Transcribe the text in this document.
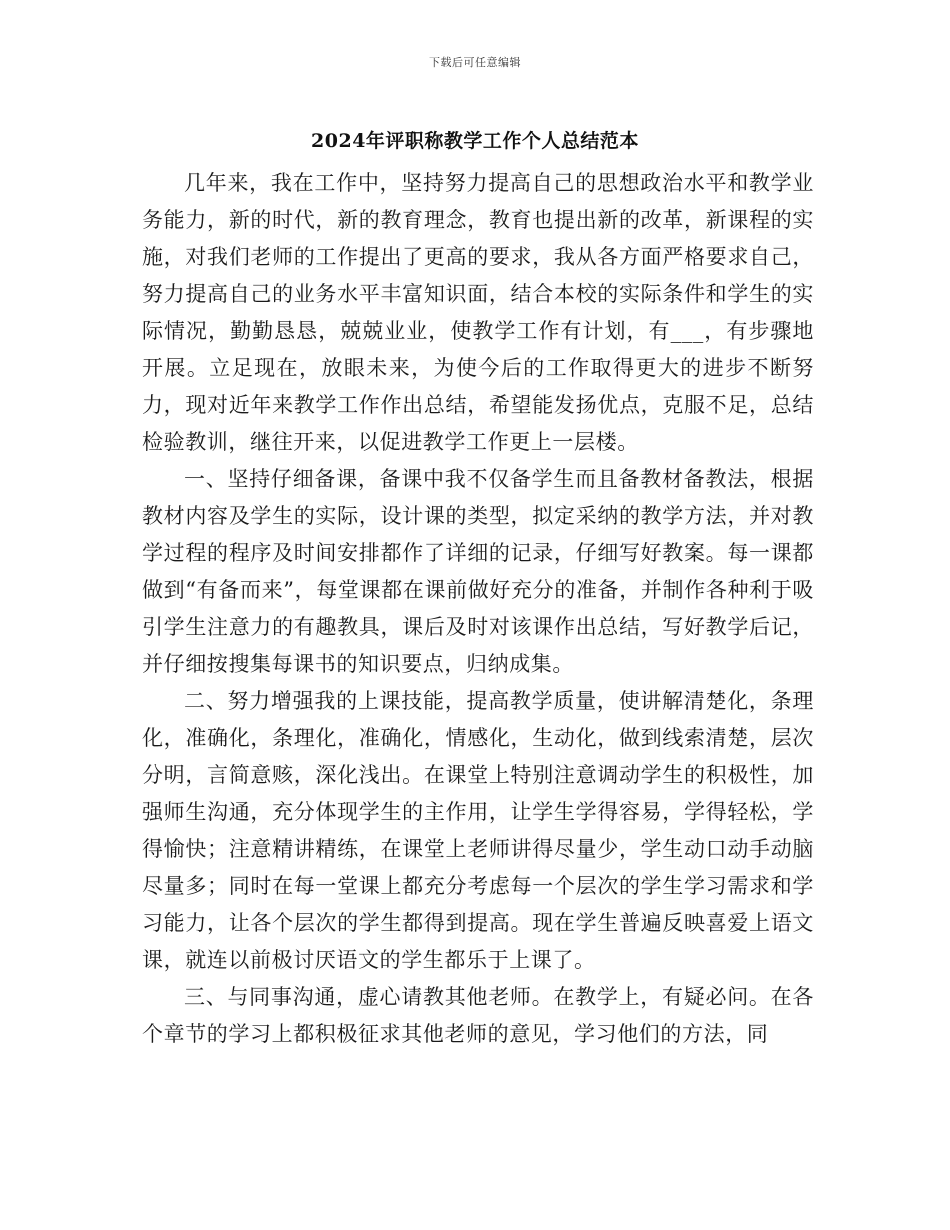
下载后可任意编辑
2024年评职称教学工作个人总结范本

几年来，我在工作中，坚持努力提高自己的思想政治水平和教学业务能力，新的时代，新的教育理念，教育也提出新的改革，新课程的实施，对我们老师的工作提出了更高的要求，我从各方面严格要求自己，努力提高自己的业务水平丰富知识面，结合本校的实际条件和学生的实际情况，勤勤恳恳，兢兢业业，使教学工作有计划，有___，有步骤地开展。立足现在，放眼未来，为使今后的工作取得更大的进步不断努力，现对近年来教学工作作出总结，希望能发扬优点，克服不足，总结检验教训，继往开来，以促进教学工作更上一层楼。

一、坚持仔细备课，备课中我不仅备学生而且备教材备教法，根据教材内容及学生的实际，设计课的类型，拟定采纳的教学方法，并对教学过程的程序及时间安排都作了详细的记录，仔细写好教案。每一课都做到“有备而来”，每堂课都在课前做好充分的准备，并制作各种利于吸引学生注意力的有趣教具，课后及时对该课作出总结，写好教学后记，并仔细按搜集每课书的知识要点，归纳成集。

二、努力增强我的上课技能，提高教学质量，使讲解清楚化，条理化，准确化，条理化，准确化，情感化，生动化，做到线索清楚，层次分明，言简意赅，深化浅出。在课堂上特别注意调动学生的积极性，加强师生沟通，充分体现学生的主作用，让学生学得容易，学得轻松，学得愉快；注意精讲精练，在课堂上老师讲得尽量少，学生动口动手动脑尽量多；同时在每一堂课上都充分考虑每一个层次的学生学习需求和学习能力，让各个层次的学生都得到提高。现在学生普遍反映喜爱上语文课，就连以前极讨厌语文的学生都乐于上课了。

三、与同事沟通，虚心请教其他老师。在教学上，有疑必问。在各个章节的学习上都积极征求其他老师的意见，学习他们的方法，同
